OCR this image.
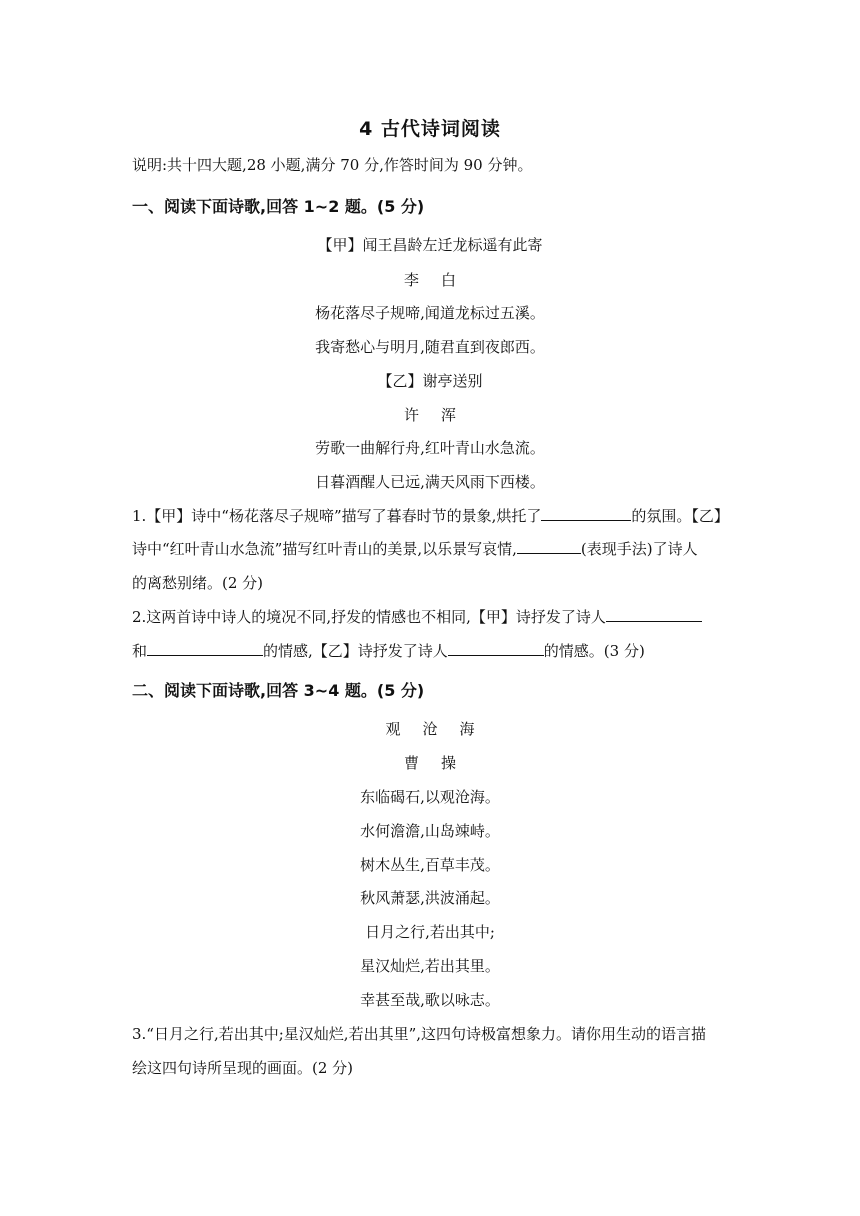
4 古代诗词阅读
说明:共十四大题,28 小题,满分 70 分,作答时间为 90 分钟。
一、阅读下面诗歌,回答 1~2 题。(5 分)
【甲】闻王昌龄左迁龙标遥有此寄
李 白
杨花落尽子规啼,闻道龙标过五溪。
我寄愁心与明月,随君直到夜郎西。
【乙】谢亭送别
许 浑
劳歌一曲解行舟,红叶青山水急流。
日暮酒醒人已远,满天风雨下西楼。
1.【甲】诗中“杨花落尽子规啼”描写了暮春时节的景象,烘托了	的氛围。【乙】
诗中“红叶青山水急流”描写红叶青山的美景,以乐景写哀情,	(表现手法)了诗人
的离愁别绪。(2 分)
2.这两首诗中诗人的境况不同,抒发的情感也不相同,【甲】诗抒发了诗人
和	的情感,【乙】诗抒发了诗人	的情感。(3 分)
二、阅读下面诗歌,回答 3~4 题。(5 分)
观 沧 海
曹 操
东临碣石,以观沧海。
水何澹澹,山岛竦峙。
树木丛生,百草丰茂。
秋风萧瑟,洪波涌起。
日月之行,若出其中;
星汉灿烂,若出其里。
幸甚至哉,歌以咏志。
3.“日月之行,若出其中;星汉灿烂,若出其里”,这四句诗极富想象力。请你用生动的语言描
绘这四句诗所呈现的画面。(2 分)
